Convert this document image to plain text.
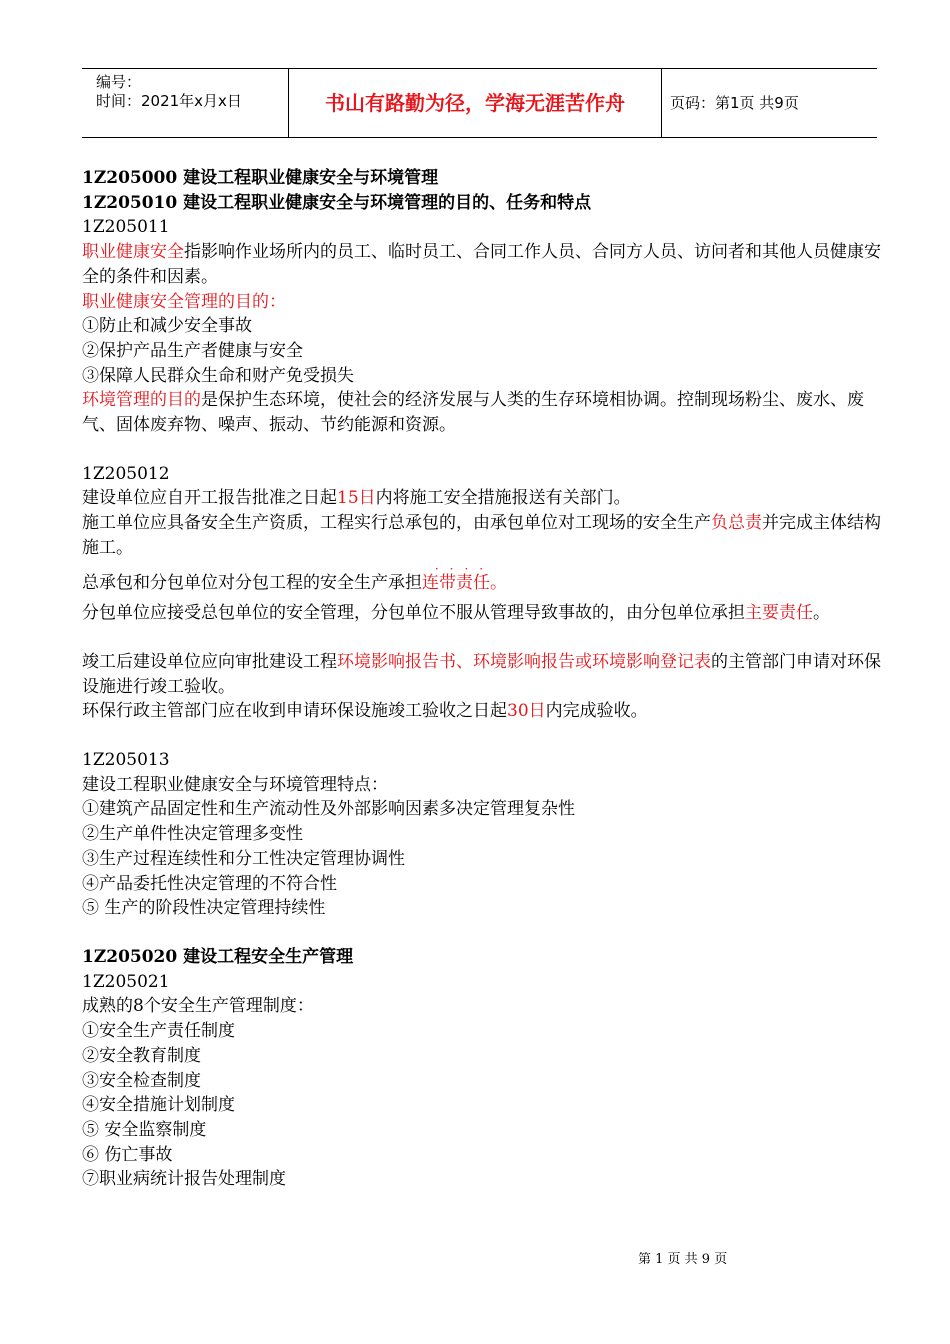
编号：
时间：2021年x月x日	书山有路勤为径，学海无涯苦作舟	页码：第1页 共9页

1Z205000 建设工程职业健康安全与环境管理

1Z205010 建设工程职业健康安全与环境管理的目的、任务和特点

1Z205011

职业健康安全指影响作业场所内的员工、临时员工、合同工作人员、合同方人员、访问者和其他人员健康安全的条件和因素。

职业健康安全管理的目的：

①防止和减少安全事故

②保护产品生产者健康与安全

③保障人民群众生命和财产免受损失

环境管理的目的是保护生态环境，使社会的经济发展与人类的生存环境相协调。控制现场粉尘、废水、废气、固体废弃物、噪声、振动、节约能源和资源。

1Z205012

建设单位应自开工报告批准之日起15日内将施工安全措施报送有关部门。

施工单位应具备安全生产资质，工程实行总承包的，由承包单位对工现场的安全生产负总责并完成主体结构施工。

总承包和分包单位对分包工程的安全生产承担
····
连带责任。

分包单位应接受总包单位的安全管理，分包单位不服从管理导致事故的，由分包单位承担主要责任。

竣工后建设单位应向审批建设工程环境影响报告书、环境影响报告或环境影响登记表的主管部门申请对环保设施进行竣工验收。

环保行政主管部门应在收到申请环保设施竣工验收之日起30日内完成验收。

1Z205013

建设工程职业健康安全与环境管理特点：

①建筑产品固定性和生产流动性及外部影响因素多决定管理复杂性

②生产单件性决定管理多变性

③生产过程连续性和分工性决定管理协调性

④产品委托性决定管理的不符合性

⑤ 生产的阶段性决定管理持续性

1Z205020 建设工程安全生产管理

1Z205021

成熟的8个安全生产管理制度：

①安全生产责任制度

②安全教育制度

③安全检查制度

④安全措施计划制度

⑤ 安全监察制度

⑥ 伤亡事故

⑦职业病统计报告处理制度

第 1 页 共 9 页
